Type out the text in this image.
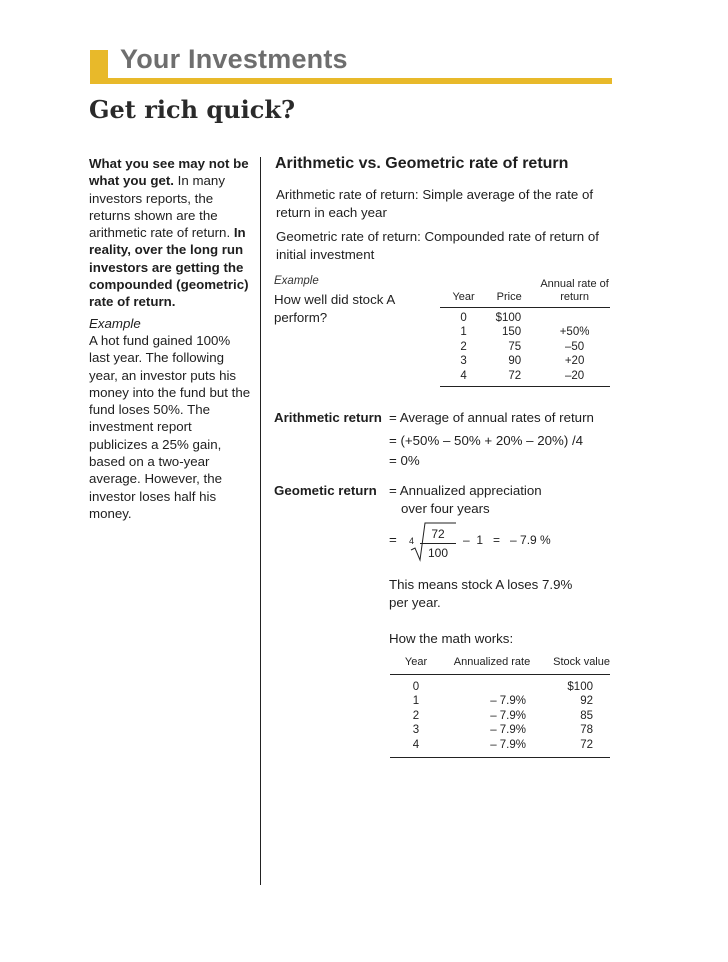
Your Investments
Get rich quick?

What you see may not be what you get. In many investors reports, the returns shown are the arithmetic rate of return. In reality, over the long run investors are getting the compounded (geometric) rate of return.

Example

A hot fund gained 100% last year. The following year, an investor puts his money into the fund but the fund loses 50%. The investment report publicizes a 25% gain, based on a two-year average. However, the investor loses half his money.

Arithmetic vs. Geometric rate of return

Arithmetic rate of return: Simple average of the rate of return in each year

Geometric rate of return: Compounded rate of return of initial investment

Example
How well did stock A perform?
Year	Price	Annual rate of return
0	$100	
1	150	+50%
2	75	–50
3	90	+20
4	72	–20
Arithmetic return = Average of annual rates of return
= (+50% – 50% + 20% – 20%) /4
= 0%
Geometic return = Annualized appreciation
over four years
= 4	72
100
–  1   =   – 7.9 %
This means stock A loses 7.9% per year.
How the math works:
Year	Annualized rate	Stock value
0		$100
1	– 7.9%	92
2	– 7.9%	85
3	– 7.9%	78
4	– 7.9%	72
